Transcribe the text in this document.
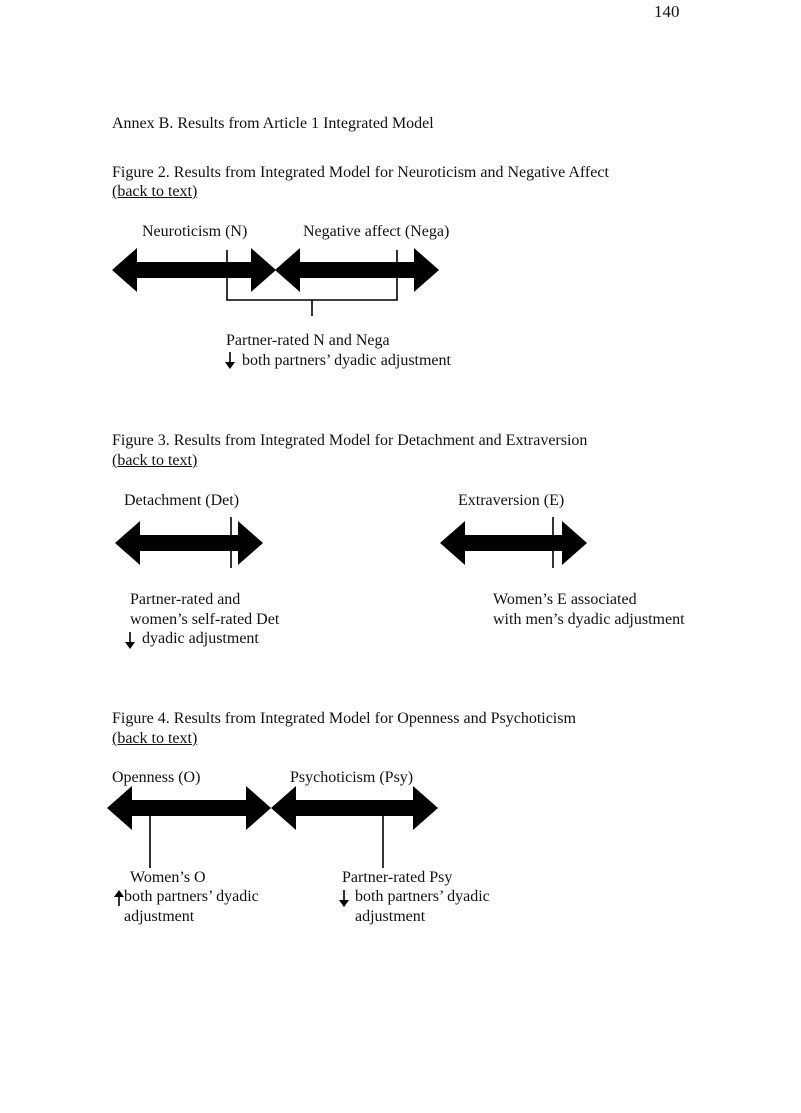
140
Annex B. Results from Article 1 Integrated Model
Figure 2. Results from Integrated Model for Neuroticism and Negative Affect
(back to text)
Neuroticism (N)	Negative affect (Nega)
Partner-rated N and Nega
both partners’ dyadic adjustment
Figure 3. Results from Integrated Model for Detachment and Extraversion
(back to text)
Detachment (Det)	Extraversion (E)
Partner-rated and
women’s self-rated Det
dyadic adjustment
Women’s E associated
with men’s dyadic adjustment
Figure 4. Results from Integrated Model for Openness and Psychoticism
(back to text)
Openness (O)	Psychoticism (Psy)
Women’s O
both partners’ dyadic
adjustment
Partner-rated Psy
both partners’ dyadic
adjustment
